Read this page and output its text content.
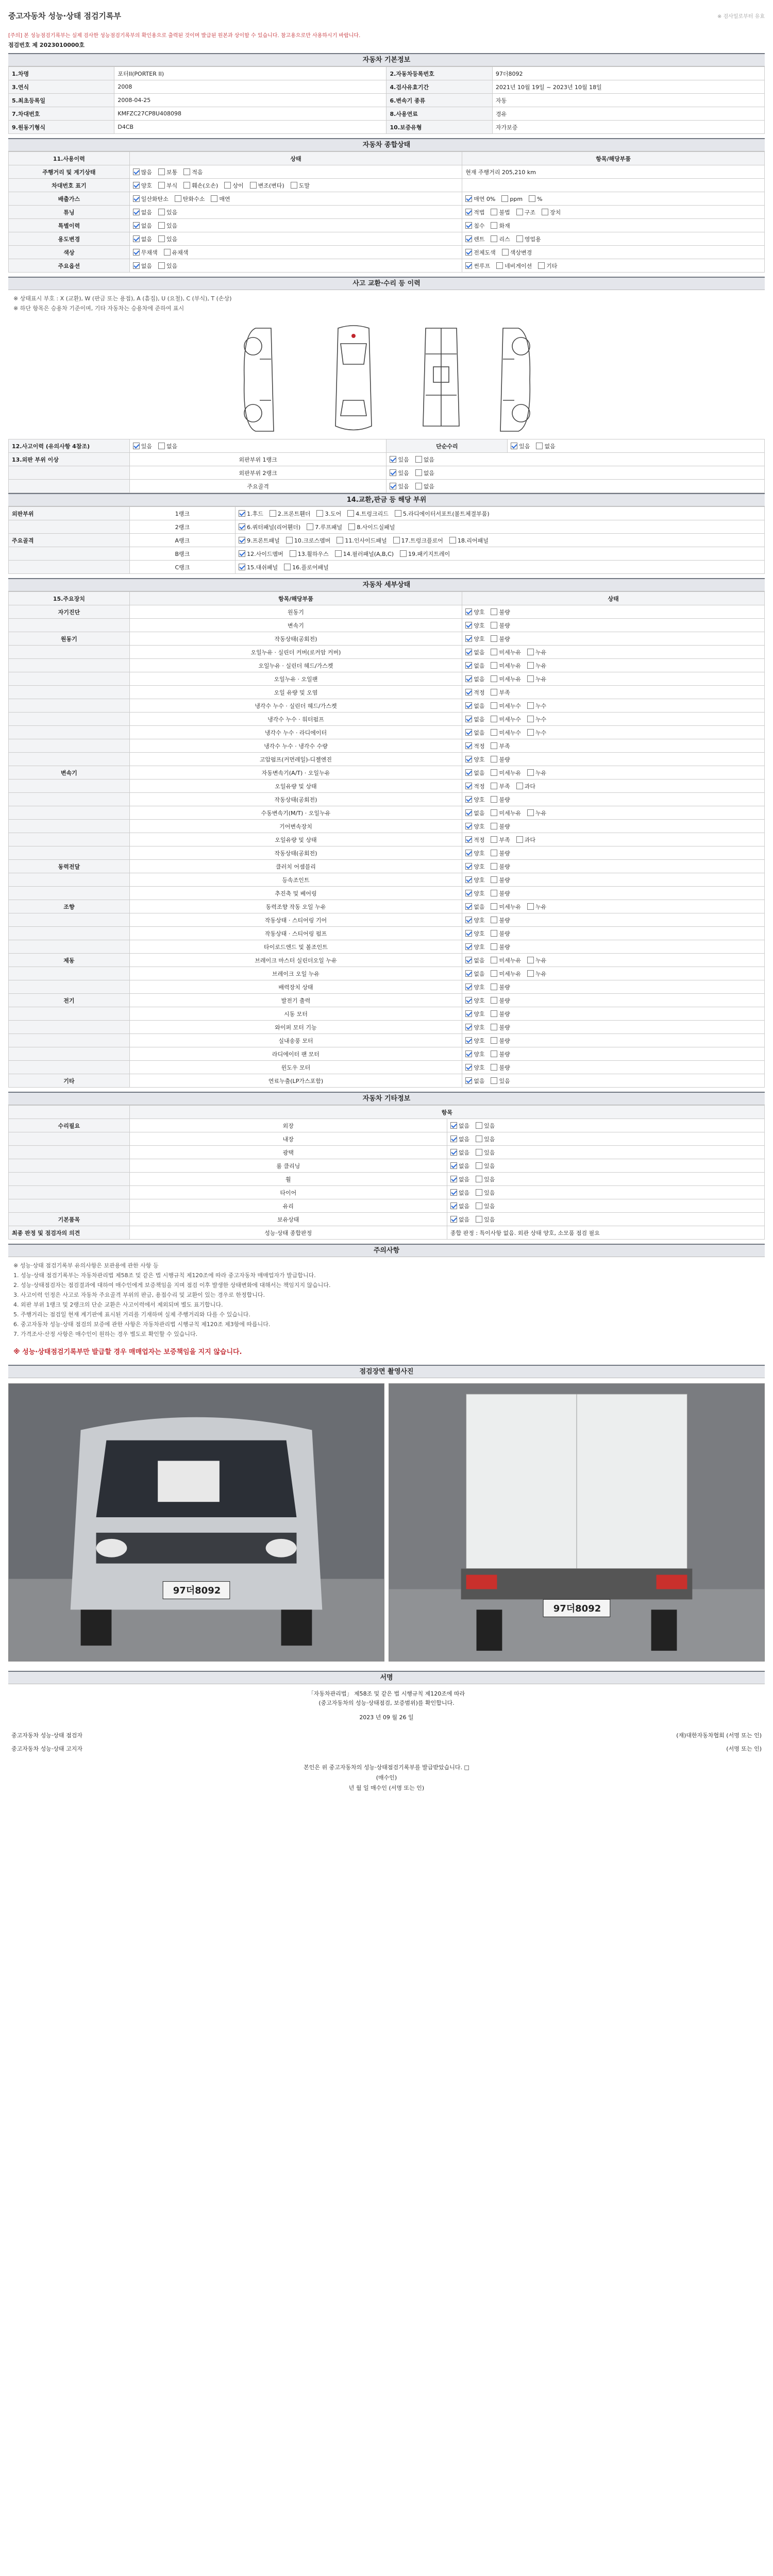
중고자동차 성능·상태 점검기록부	※ 검사일로부터 유효
[주의] 본 성능점검기록부는 실제 검사한 성능점검기록부의 확인용으로 출력된 것이며 발급된 원본과 상이할 수 있습니다. 참고용으로만 사용하시기 바랍니다.
점검번호 제 2023010000호
자동차 기본정보
1.차명	포터II(PORTER II)	2.자동차등록번호	97더8092
3.연식	2008	4.검사유효기간	2021년 10월 19일 ~ 2023년 10월 18일
5.최초등록일	2008-04-25	6.변속기 종류	자동
7.차대번호	KMFZC27CP8U408098	8.사용연료	경유
9.원동기형식	D4CB	10.보증유형	자가보증
자동차 종합상태
11.사용이력	상태	항목/해당부품
주행거리 및 계기상태	많음 보통 적음	현재 주행거리 205,210 km
차대번호 표기	양호 부식 훼손(오손) 상이 변조(변타) 도말	
배출가스	일산화탄소 탄화수소 매연	매연 0% ppm %
튜닝	없음 있음	적법 불법 구조 장치
특별이력	없음 있음	침수 화재
용도변경	없음 있음	렌트 리스 영업용
색상	무채색 유채색	전체도색 색상변경
주요옵션	없음 있음	썬루프 네비게이션 기타
사고 교환·수리 등 이력

※ 상태표시 부호 : X (교환), W (판금 또는 용접), A (흠집), U (요철), C (부식), T (손상)

※ 하단 항목은 승용차 기준이며, 기타 자동차는 승용차에 준하여 표시

12.사고이력 (유의사항 4참조)	있음 없음	단순수리	있음 없음
13.외판 부위 이상	외판부위 1랭크	있음 없음	
	외판부위 2랭크	있음 없음	
	주요골격	있음 없음	
14.교환,판금 등 해당 부위
외판부위	1랭크	1.후드 2.프론트휀더 3.도어 4.트렁크리드 5.라디에이터서포트(볼트체결부품)
	2랭크	6.쿼터패널(리어휀더) 7.루프패널 8.사이드실패널
주요골격	A랭크	9.프론트패널 10.크로스멤버 11.인사이드패널 17.트렁크플로어 18.리어패널
	B랭크	12.사이드멤버 13.휠하우스 14.필러패널(A,B,C) 19.패키지트레이
	C랭크	15.대쉬패널 16.플로어패널
자동차 세부상태
15.주요장치	항목/해당부품	상태
자기진단	원동기	양호 불량
	변속기	양호 불량
원동기	작동상태(공회전)	양호 불량
	오일누유 · 실린더 커버(로커암 커버)	없음 미세누유 누유
	오일누유 · 실린더 헤드/가스켓	없음 미세누유 누유
	오일누유 · 오일팬	없음 미세누유 누유
	오일 유량 및 오염	적정 부족
	냉각수 누수 · 실린더 헤드/가스켓	없음 미세누수 누수
	냉각수 누수 · 워터펌프	없음 미세누수 누수
	냉각수 누수 · 라디에이터	없음 미세누수 누수
	냉각수 누수 · 냉각수 수량	적정 부족
	고압펌프(커먼레일)-디젤엔진	양호 불량
변속기	자동변속기(A/T) · 오일누유	없음 미세누유 누유
	오일유량 및 상태	적정 부족 과다
	작동상태(공회전)	양호 불량
	수동변속기(M/T) · 오일누유	없음 미세누유 누유
	기어변속장치	양호 불량
	오일유량 및 상태	적정 부족 과다
	작동상태(공회전)	양호 불량
동력전달	클러치 어셈블리	양호 불량
	등속조인트	양호 불량
	추진축 및 베어링	양호 불량
조향	동력조향 작동 오일 누유	없음 미세누유 누유
	작동상태 · 스티어링 기어	양호 불량
	작동상태 · 스티어링 펌프	양호 불량
	타이로드엔드 및 볼조인트	양호 불량
제동	브레이크 마스터 실린더오일 누유	없음 미세누유 누유
	브레이크 오일 누유	없음 미세누유 누유
	배력장치 상태	양호 불량
전기	발전기 출력	양호 불량
	시동 모터	양호 불량
	와이퍼 모터 기능	양호 불량
	실내송풍 모터	양호 불량
	라디에이터 팬 모터	양호 불량
	윈도우 모터	양호 불량
기타	연료누출(LP가스포함)	없음 있음
자동차 기타정보
	항목	
수리필요	외장	없음 있음
	내장	없음 있음
	광택	없음 있음
	룸 클리닝	없음 있음
	휠	없음 있음
	타이어	없음 있음
	유리	없음 있음
기본품목	보유상태	없음 있음
최종 판정 및 점검자의 의견	성능·상태 종합판정	종합 판정 : 특이사항 없음. 외관 상태 양호, 소모품 점검 필요
주의사항

※ 성능·상태 점검기록부 유의사항은 보관용에 관한 사항 등

1. 성능·상태 점검기록부는 자동차관리법 제58조 및 같은 법 시행규칙 제120조에 따라 중고자동차 매매업자가 발급합니다.

2. 성능·상태점검자는 점검결과에 대하여 매수인에게 보증책임을 지며 점검 이후 발생한 상태변화에 대해서는 책임지지 않습니다.

3. 사고이력 인정은 사고로 자동차 주요골격 부위의 판금, 용접수리 및 교환이 있는 경우로 한정합니다.

4. 외판 부위 1랭크 및 2랭크의 단순 교환은 사고이력에서 제외되며 별도 표기합니다.

5. 주행거리는 점검일 현재 계기판에 표시된 거리를 기재하며 실제 주행거리와 다를 수 있습니다.

6. 중고자동차 성능·상태 점검의 보증에 관한 사항은 자동차관리법 시행규칙 제120조 제3항에 따릅니다.

7. 가격조사·산정 사항은 매수인이 원하는 경우 별도로 확인할 수 있습니다.

※ 성능·상태점검기록부만 발급할 경우 매매업자는 보증책임을 지지 않습니다.
점검장면 촬영사진
97더8092
97더8092
서명
「자동차관리법」 제58조 및 같은 법 시행규칙 제120조에 따라
(중고자동차의 성능·상태점검, 보증범위)를 확인합니다.
2023 년 09 월 26 일
중고자동차 성능·상태 점검자	(재)대한자동차협회 (서명 또는 인)
중고자동차 성능·상태 고지자	(서명 또는 인)
본인은 위 중고자동차의 성능·상태점검기록부를 발급받았습니다. □
(매수인)
년 월 일 매수인 (서명 또는 인)
